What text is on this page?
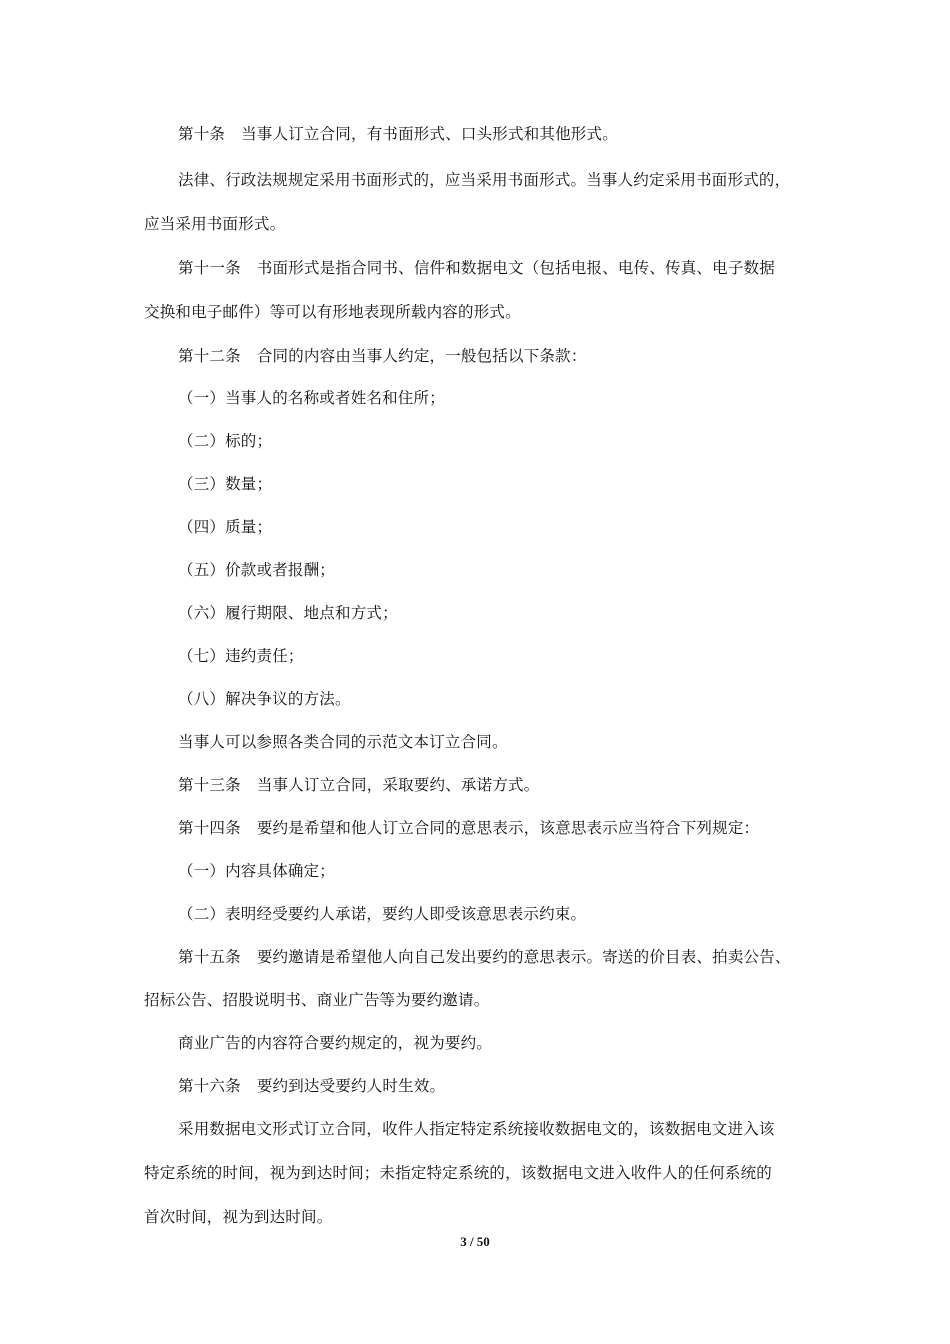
第十条 当事人订立合同，有书面形式、口头形式和其他形式。
法律、行政法规规定采用书面形式的，应当采用书面形式。当事人约定采用书面形式的，
应当采用书面形式。
第十一条 书面形式是指合同书、信件和数据电文（包括电报、电传、传真、电子数据
交换和电子邮件）等可以有形地表现所载内容的形式。
第十二条 合同的内容由当事人约定，一般包括以下条款：
（一）当事人的名称或者姓名和住所；
（二）标的；
（三）数量；
（四）质量；
（五）价款或者报酬；
（六）履行期限、地点和方式；
（七）违约责任；
（八）解决争议的方法。
当事人可以参照各类合同的示范文本订立合同。
第十三条 当事人订立合同，采取要约、承诺方式。
第十四条 要约是希望和他人订立合同的意思表示，该意思表示应当符合下列规定：
（一）内容具体确定；
（二）表明经受要约人承诺，要约人即受该意思表示约束。
第十五条 要约邀请是希望他人向自己发出要约的意思表示。寄送的价目表、拍卖公告、
招标公告、招股说明书、商业广告等为要约邀请。
商业广告的内容符合要约规定的，视为要约。
第十六条 要约到达受要约人时生效。
采用数据电文形式订立合同，收件人指定特定系统接收数据电文的，该数据电文进入该
特定系统的时间，视为到达时间；未指定特定系统的，该数据电文进入收件人的任何系统的
首次时间，视为到达时间。
3 / 50
